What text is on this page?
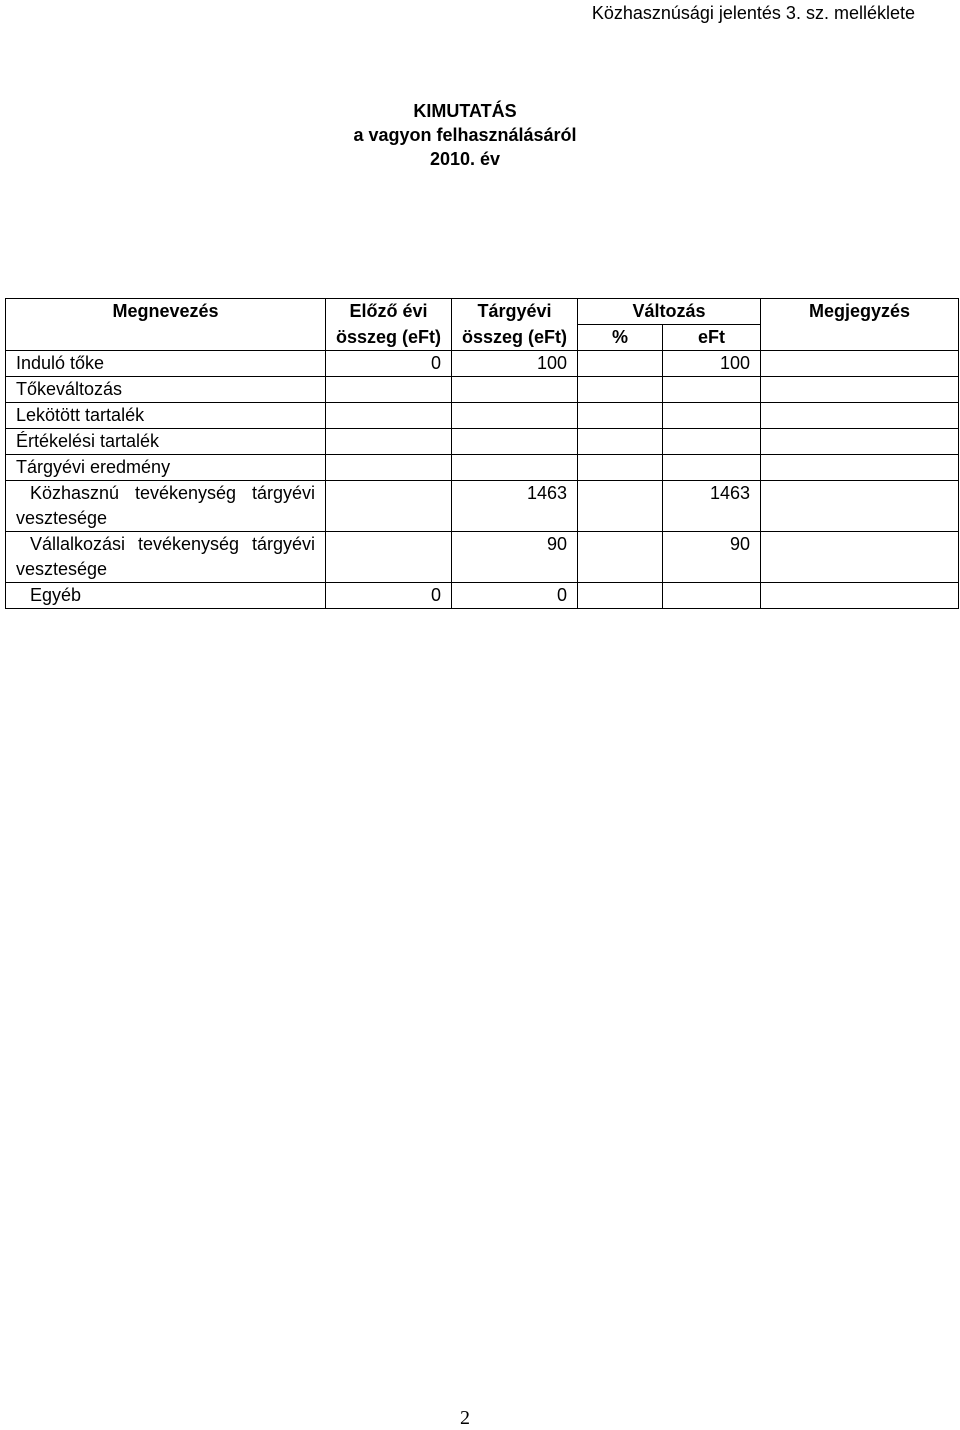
Közhasznúsági jelentés 3. sz. melléklete
KIMUTATÁS
a vagyon felhasználásáról
2010. év
Megnevezés	Előző évi	Tárgyévi	Változás		Megjegyzés
	összeg (eFt)	összeg (eFt)	%	eFt	
Induló tőke	0	100		100	
Tőkeváltozás					
Lekötött tartalék					
Értékelési tartalék					
Tárgyévi eredmény					

Közhasznú tevékenység tárgyévi
vesztesége		1463		1463	

Vállalkozási tevékenység tárgyévi
vesztesége		90		90	
Egyéb	0	0			
2
